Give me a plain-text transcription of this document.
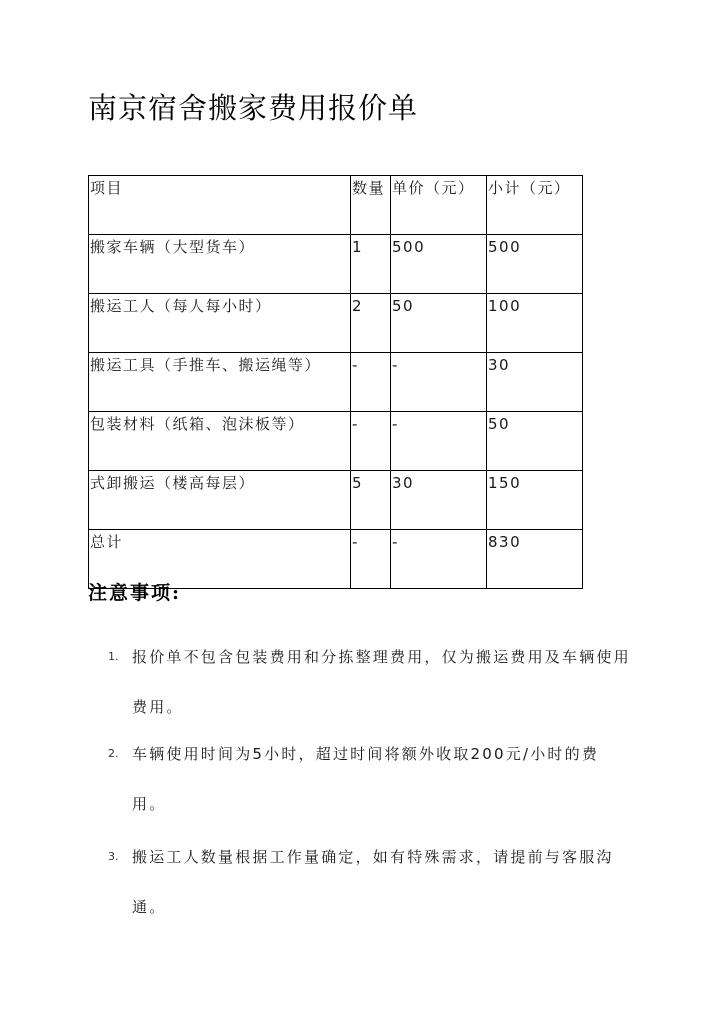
南京宿舍搬家费用报价单
项目	数量	单价（元）	小计（元）
搬家车辆（大型货车）	1	500	500
搬运工人（每人每小时）	2	50	100
搬运工具（手推车、搬运绳等）	-	-	30
包装材料（纸箱、泡沫板等）	-	-	50
式卸搬运（楼高每层）	5	30	150
总计	-	-	830
注意事项:
1. 报价单不包含包装费用和分拣整理费用，仅为搬运费用及车辆使用费用。
2. 车辆使用时间为5小时，超过时间将额外收取200元/小时的费用。
3. 搬运工人数量根据工作量确定，如有特殊需求，请提前与客服沟通。
